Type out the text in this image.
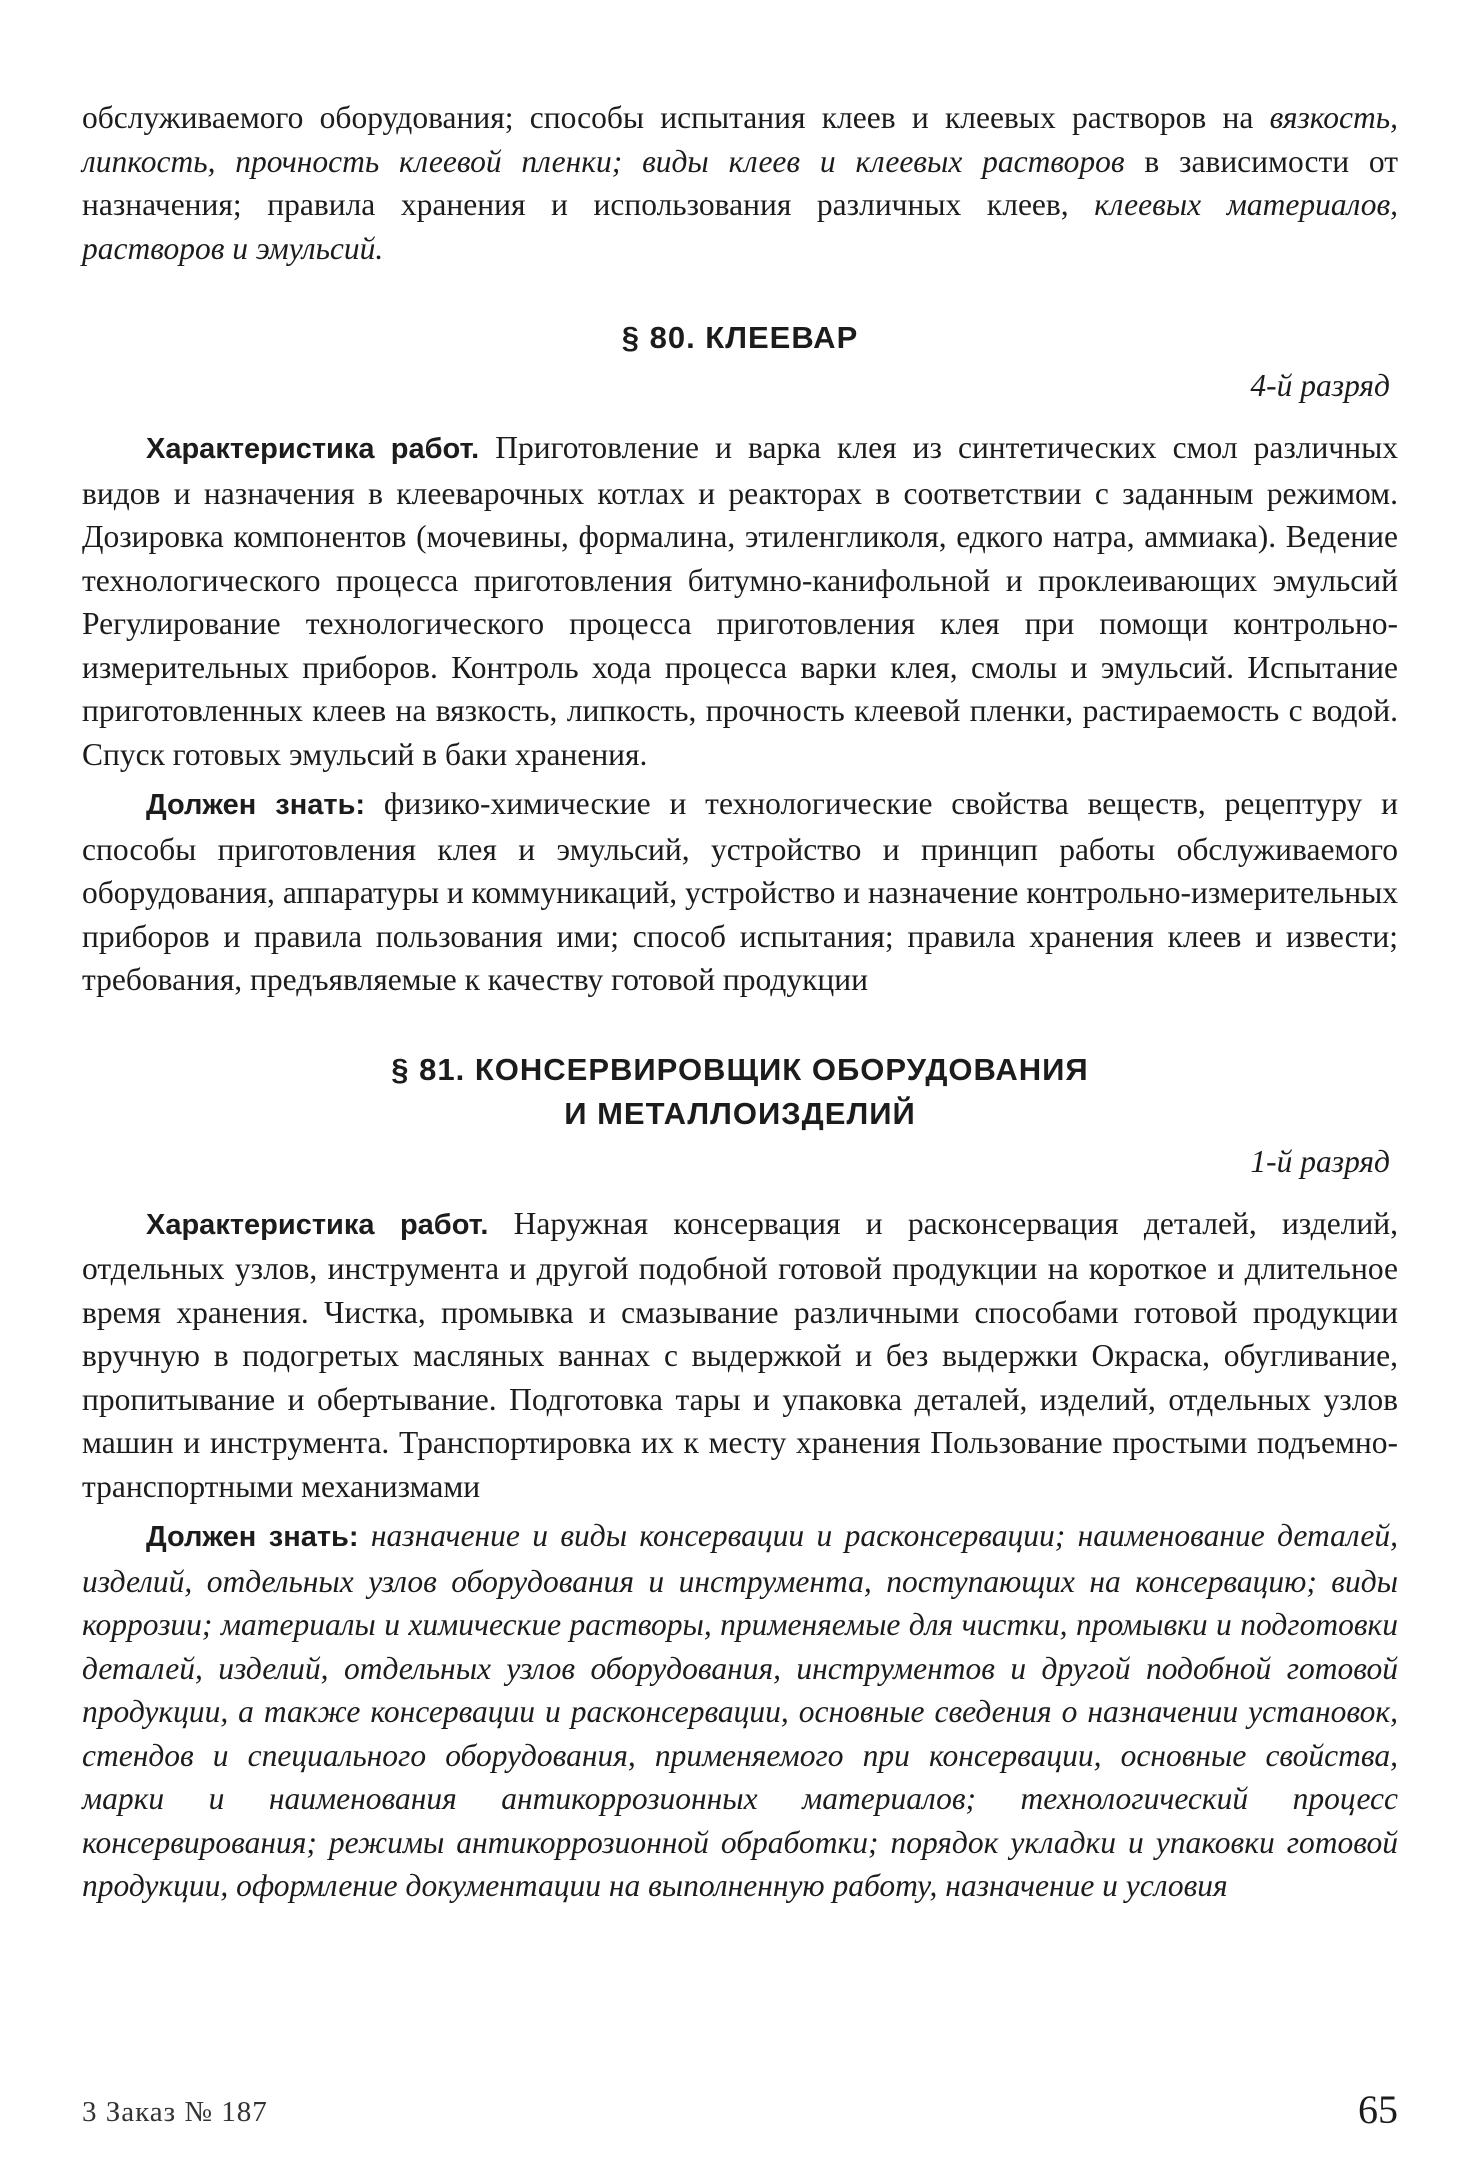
обслуживаемого оборудования; способы испытания клеев и клеевых растворов на вязкость, липкость, прочность клеевой пленки; виды клеев и клеевых растворов в зависимости от назначения; правила хранения и использования различных клеев, клеевых материалов, растворов и эмульсий.

§ 80. КЛЕЕВАР
4-й разряд

Характеристика работ. Приготовление и варка клея из синтетических смол различных видов и назначения в клееварочных котлах и реакторах в соответствии с заданным режимом. Дозировка компонентов (мочевины, формалина, этиленгликоля, едкого натра, аммиака). Ведение технологического процесса приготовления битумно-канифольной и проклеивающих эмульсий Регулирование технологического процесса приготовления клея при помощи контрольно-измерительных приборов. Контроль хода процесса варки клея, смолы и эмульсий. Испытание приготовленных клеев на вязкость, липкость, прочность клеевой пленки, растираемость с водой. Спуск готовых эмульсий в баки хранения.

Должен знать: физико-химические и технологические свойства веществ, рецептуру и способы приготовления клея и эмульсий, устройство и принцип работы обслуживаемого оборудования, аппаратуры и коммуникаций, устройство и назначение контрольно-измерительных приборов и правила пользования ими; способ испытания; правила хранения клеев и извести; требования, предъявляемые к качеству готовой продукции

§ 81. КОНСЕРВИРОВЩИК ОБОРУДОВАНИЯ
И МЕТАЛЛОИЗДЕЛИЙ
1-й разряд

Характеристика работ. Наружная консервация и расконсервация деталей, изделий, отдельных узлов, инструмента и другой подобной готовой продукции на короткое и длительное время хранения. Чистка, промывка и смазывание различными способами готовой продукции вручную в подогретых масляных ваннах с выдержкой и без выдержки Окраска, обугливание, пропитывание и обертывание. Подготовка тары и упаковка деталей, изделий, отдельных узлов машин и инструмента. Транспортировка их к месту хранения Пользование простыми подъемно-транспортными механизмами

Должен знать: назначение и виды консервации и расконсервации; наименование деталей, изделий, отдельных узлов оборудования и инструмента, поступающих на консервацию; виды коррозии; материалы и химические растворы, применяемые для чистки, промывки и подготовки деталей, изделий, отдельных узлов оборудования, инструментов и другой подобной готовой продукции, а также консервации и расконсервации, основные сведения о назначении установок, стендов и специального оборудования, применяемого при консервации, основные свойства, марки и наименования антикоррозионных материалов; технологический процесс консервирования; режимы антикоррозионной обработки; порядок укладки и упаковки готовой продукции, оформление документации на выполненную работу, назначение и условия

3 Заказ № 187	65
